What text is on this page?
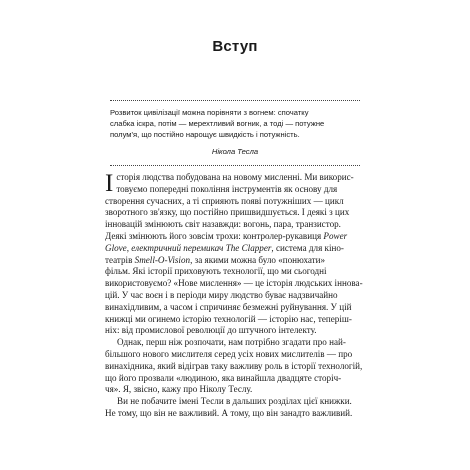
Вступ

Розвиток цивілізації можна порівняти з вогнем: спочатку
слабка іскра, потім — мерехтливий вогник, а тоді — потужне
полум'я, що постійно нарощує швидкість і потужність.

Нікола Тесла

І сторія людства побудована на новому мисленні. Ми викорис-
товуємо попередні покоління інструментів як основу для
створення сучасних, а ті сприяють появі потужніших — цикл
зворотного зв'язку, що постійно пришвидшується. І деякі з цих
інновацій змінюють світ назавжди: вогонь, пара, транзистор.
Деякі змінюють його зовсім трохи: контролер-рукавиця Power
Glove, електричний перемикач The Clapper, система для кіно-
театрів Smell-O-Vision, за якими можна було «понюхати»
фільм. Які історії приховують технології, що ми сьогодні
використовуємо? «Нове мислення» — це історія людських іннова-
цій. У час воєн і в періоди миру людство буває надзвичайно
винахідливим, а часом і спричиняє безмежні руйнування. У цій
книжці ми огинемо історію технологій — історію нас, теперіш-
ніх: від промислової революції до штучного інтелекту.

Однак, перш ніж розпочати, нам потрібно згадати про най-
більшого нового мислителя серед усіх нових мислителів — про
винахідника, який відіграв таку важливу роль в історії технологій,
що його прозвали «людиною, яка винайшла двадцяте сторіч-
чя». Я, звісно, кажу про Ніколу Теслу.

Ви не побачите імені Тесли в дальших розділах цієї книжки.
Не тому, що він не важливий. А тому, що він занадто важливий.
